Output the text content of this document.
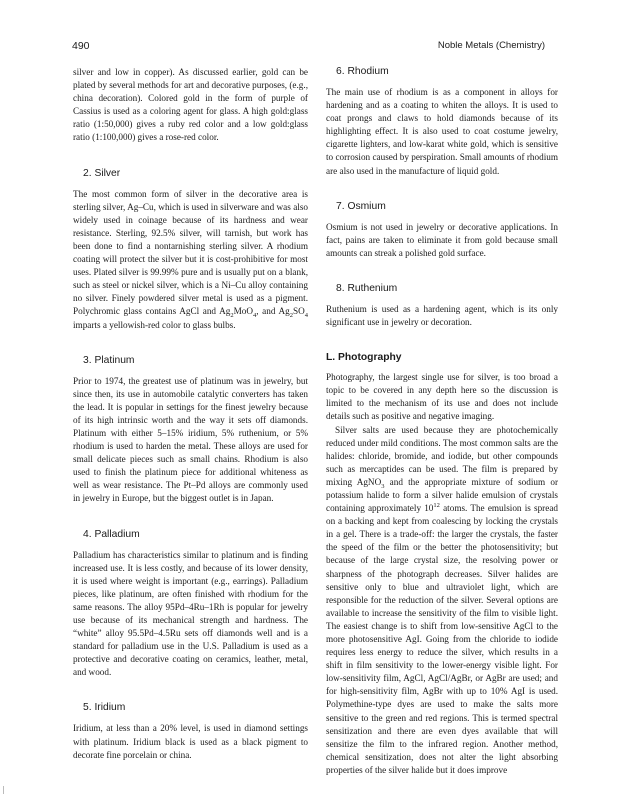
490	Noble Metals (Chemistry)

silver and low in copper). As discussed earlier, gold can be plated by several methods for art and decorative purposes, (e.g., china decoration). Colored gold in the form of purple of Cassius is used as a coloring agent for glass. A high gold:glass ratio (1:50,000) gives a ruby red color and a low gold:glass ratio (1:100,000) gives a rose-red color.

2. Silver

The most common form of silver in the decorative area is sterling silver, Ag–Cu, which is used in silverware and was also widely used in coinage because of its hardness and wear resistance. Sterling, 92.5% silver, will tarnish, but work has been done to find a nontarnishing sterling silver. A rhodium coating will protect the silver but it is cost-prohibitive for most uses. Plated silver is 99.99% pure and is usually put on a blank, such as steel or nickel silver, which is a Ni–Cu alloy containing no silver. Finely powdered silver metal is used as a pigment. Polychromic glass contains AgCl and $Ag_2MoO_4$, and $Ag_2SO_4$ imparts a yellowish-red color to glass bulbs.

3. Platinum

Prior to 1974, the greatest use of platinum was in jewelry, but since then, its use in automobile catalytic converters has taken the lead. It is popular in settings for the finest jewelry because of its high intrinsic worth and the way it sets off diamonds. Platinum with either 5–15% iridium, 5% ruthenium, or 5% rhodium is used to harden the metal. These alloys are used for small delicate pieces such as small chains. Rhodium is also used to finish the platinum piece for additional whiteness as well as wear resistance. The Pt–Pd alloys are commonly used in jewelry in Europe, but the biggest outlet is in Japan.

4. Palladium

Palladium has characteristics similar to platinum and is finding increased use. It is less costly, and because of its lower density, it is used where weight is important (e.g., earrings). Palladium pieces, like platinum, are often finished with rhodium for the same reasons. The alloy 95Pd–4Ru–1Rh is popular for jewelry use because of its mechanical strength and hardness. The “white” alloy 95.5Pd–4.5Ru sets off diamonds well and is a standard for palladium use in the U.S. Palladium is used as a protective and decorative coating on ceramics, leather, metal, and wood.

5. Iridium

Iridium, at less than a 20% level, is used in diamond settings with platinum. Iridium black is used as a black pigment to decorate fine porcelain or china.

6. Rhodium

The main use of rhodium is as a component in alloys for hardening and as a coating to whiten the alloys. It is used to coat prongs and claws to hold diamonds because of its highlighting effect. It is also used to coat costume jewelry, cigarette lighters, and low-karat white gold, which is sensitive to corrosion caused by perspiration. Small amounts of rhodium are also used in the manufacture of liquid gold.

7. Osmium

Osmium is not used in jewelry or decorative applications. In fact, pains are taken to eliminate it from gold because small amounts can streak a polished gold surface.

8. Ruthenium

Ruthenium is used as a hardening agent, which is its only significant use in jewelry or decoration.

L. Photography

Photography, the largest single use for silver, is too broad a topic to be covered in any depth here so the discussion is limited to the mechanism of its use and does not include details such as positive and negative imaging.

Silver salts are used because they are photochemically reduced under mild conditions. The most common salts are the halides: chloride, bromide, and iodide, but other compounds such as mercaptides can be used. The film is prepared by mixing AgNO$_3$ and the appropriate mixture of sodium or potassium halide to form a silver halide emulsion of crystals containing approximately $10^{12}$ atoms. The emulsion is spread on a backing and kept from coalescing by locking the crystals in a gel. There is a trade-off: the larger the crystals, the faster the speed of the film or the better the photosensitivity; but because of the large crystal size, the resolving power or sharpness of the photograph decreases. Silver halides are sensitive only to blue and ultraviolet light, which are responsible for the reduction of the silver. Several options are available to increase the sensitivity of the film to visible light. The easiest change is to shift from low-sensitive AgCl to the more photosensitive AgI. Going from the chloride to iodide requires less energy to reduce the silver, which results in a shift in film sensitivity to the lower-energy visible light. For low-sensitivity film, AgCl, AgCl/AgBr, or AgBr are used; and for high-sensitivity film, AgBr with up to 10% AgI is used. Polymethine-type dyes are used to make the salts more sensitive to the green and red regions. This is termed spectral sensitization and there are even dyes available that will sensitize the film to the infrared region. Another method, chemical sensitization, does not alter the light absorbing properties of the silver halide but it does improve
